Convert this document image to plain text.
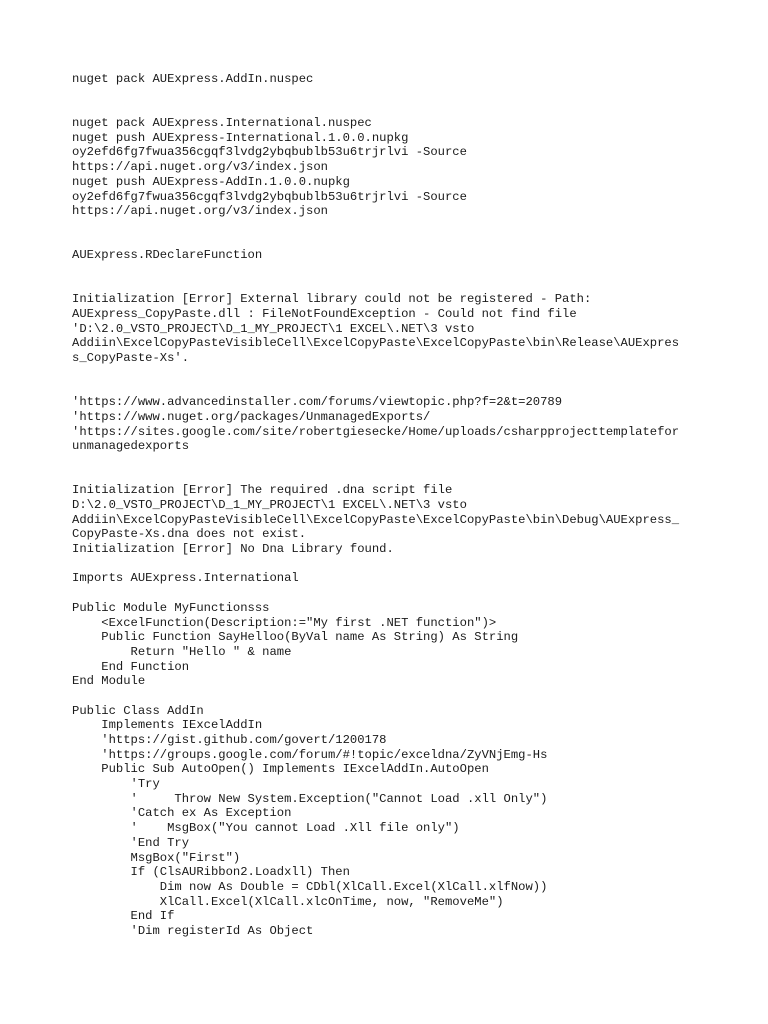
nuget pack AUExpress.AddIn.nuspec
nuget pack AUExpress.International.nuspec
nuget push AUExpress-International.1.0.0.nupkg
oy2efd6fg7fwua356cgqf3lvdg2ybqbublb53u6trjrlvi -Source
https://api.nuget.org/v3/index.json
nuget push AUExpress-AddIn.1.0.0.nupkg
oy2efd6fg7fwua356cgqf3lvdg2ybqbublb53u6trjrlvi -Source
https://api.nuget.org/v3/index.json
AUExpress.RDeclareFunction
Initialization [Error] External library could not be registered - Path:
AUExpress_CopyPaste.dll : FileNotFoundException - Could not find file
'D:\2.0_VSTO_PROJECT\D_1_MY_PROJECT\1 EXCEL\.NET\3 vsto
Addiin\ExcelCopyPasteVisibleCell\ExcelCopyPaste\ExcelCopyPaste\bin\Release\AUExpres
s_CopyPaste-Xs'.
'https://www.advancedinstaller.com/forums/viewtopic.php?f=2&t=20789
'https://www.nuget.org/packages/UnmanagedExports/
'https://sites.google.com/site/robertgiesecke/Home/uploads/csharpprojecttemplatefor
unmanagedexports
Initialization [Error] The required .dna script file
D:\2.0_VSTO_PROJECT\D_1_MY_PROJECT\1 EXCEL\.NET\3 vsto
Addiin\ExcelCopyPasteVisibleCell\ExcelCopyPaste\ExcelCopyPaste\bin\Debug\AUExpress_
CopyPaste-Xs.dna does not exist.
Initialization [Error] No Dna Library found.
Imports AUExpress.International
Public Module MyFunctionsss
<ExcelFunction(Description:="My first .NET function")>
Public Function SayHelloo(ByVal name As String) As String
Return "Hello " & name
End Function
End Module
Public Class AddIn
Implements IExcelAddIn
'https://gist.github.com/govert/1200178
'https://groups.google.com/forum/#!topic/exceldna/ZyVNjEmg-Hs
Public Sub AutoOpen() Implements IExcelAddIn.AutoOpen
'Try
'     Throw New System.Exception("Cannot Load .xll Only")
'Catch ex As Exception
'    MsgBox("You cannot Load .Xll file only")
'End Try
MsgBox("First")
If (ClsAURibbon2.Loadxll) Then
Dim now As Double = CDbl(XlCall.Excel(XlCall.xlfNow))
XlCall.Excel(XlCall.xlcOnTime, now, "RemoveMe")
End If
'Dim registerId As Object
